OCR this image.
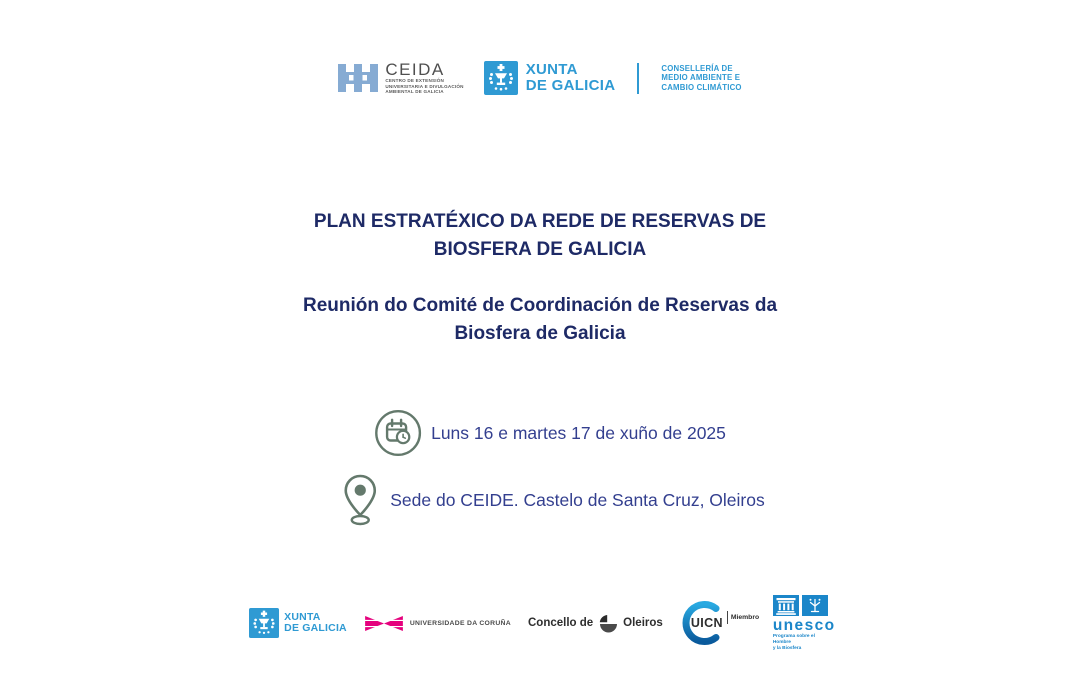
CEIDA
CENTRO DE EXTENSIÓN
UNIVERSITARIA E DIVULGACIÓN
AMBIENTAL DE GALICIA
XUNTA
DE GALICIA
CONSELLERÍA DE
MEDIO AMBIENTE E
CAMBIO CLIMÁTICO
PLAN ESTRATÉXICO DA REDE DE RESERVAS DE
BIOSFERA DE GALICIA
Reunión do Comité de Coordinación de Reservas da
Biosfera de Galicia
Luns 16 e martes 17 de xuño de 2025
Sede do CEIDE. Castelo de Santa Cruz, Oleiros
XUNTA
DE GALICIA	UNIVERSIDADE DA CORUÑA Concello de	Oleiros UICN	Miembro unesco
Programa sobre el Hombre
y la Biosfera
